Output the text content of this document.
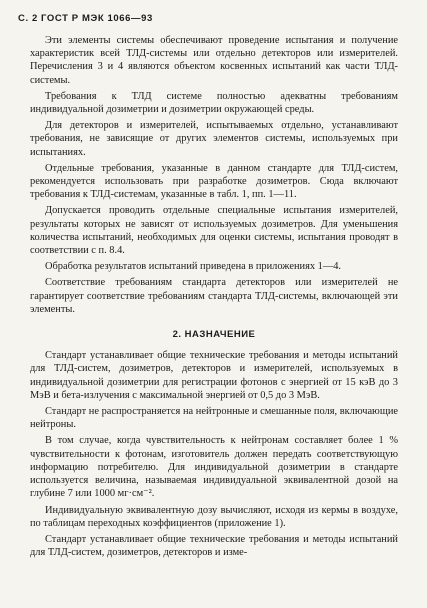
С. 2 ГОСТ Р МЭК 1066—93

Эти элементы системы обеспечивают проведение испытания и получение характеристик всей ТЛД-системы или отдельно детекторов или измерителей. Перечисления 3 и 4 являются объектом косвенных испытаний как части ТЛД-системы.

Требования к ТЛД системе полностью адекватны требованиям индивидуальной дозиметрии и дозиметрии окружающей среды.

Для детекторов и измерителей, испытываемых отдельно, устанавливают требования, не зависящие от других элементов системы, используемых при испытаниях.

Отдельные требования, указанные в данном стандарте для ТЛД-систем, рекомендуется использовать при разработке дозиметров. Сюда включают требования к ТЛД-системам, указанные в табл. 1, пп. 1—11.

Допускается проводить отдельные специальные испытания измерителей, результаты которых не зависят от используемых дозиметров. Для уменьшения количества испытаний, необходимых для оценки системы, испытания проводят в соответствии с п. 8.4.

Обработка результатов испытаний приведена в приложениях 1—4.

Соответствие требованиям стандарта детекторов или измерителей не гарантирует соответствие требованиям стандарта ТЛД-системы, включающей эти элементы.

2. НАЗНАЧЕНИЕ

Стандарт устанавливает общие технические требования и методы испытаний для ТЛД-систем, дозиметров, детекторов и измерителей, используемых в индивидуальной дозиметрии для регистрации фотонов с энергией от 15 кэВ до 3 МэВ и бета-излучения с максимальной энергией от 0,5 до 3 МэВ.

Стандарт не распространяется на нейтронные и смешанные поля, включающие нейтроны.

В том случае, когда чувствительность к нейтронам составляет более 1 % чувствительности к фотонам, изготовитель должен передать соответствующую информацию потребителю. Для индивидуальной дозиметрии в стандарте используется величина, называемая индивидуальной эквивалентной дозой на глубине 7 или 1000 мг·см⁻².

Индивидуальную эквивалентную дозу вычисляют, исходя из кермы в воздухе, по таблицам переходных коэффициентов (приложение 1).

Стандарт устанавливает общие технические требования и методы испытаний для ТЛД-систем, дозиметров, детекторов и изме-
